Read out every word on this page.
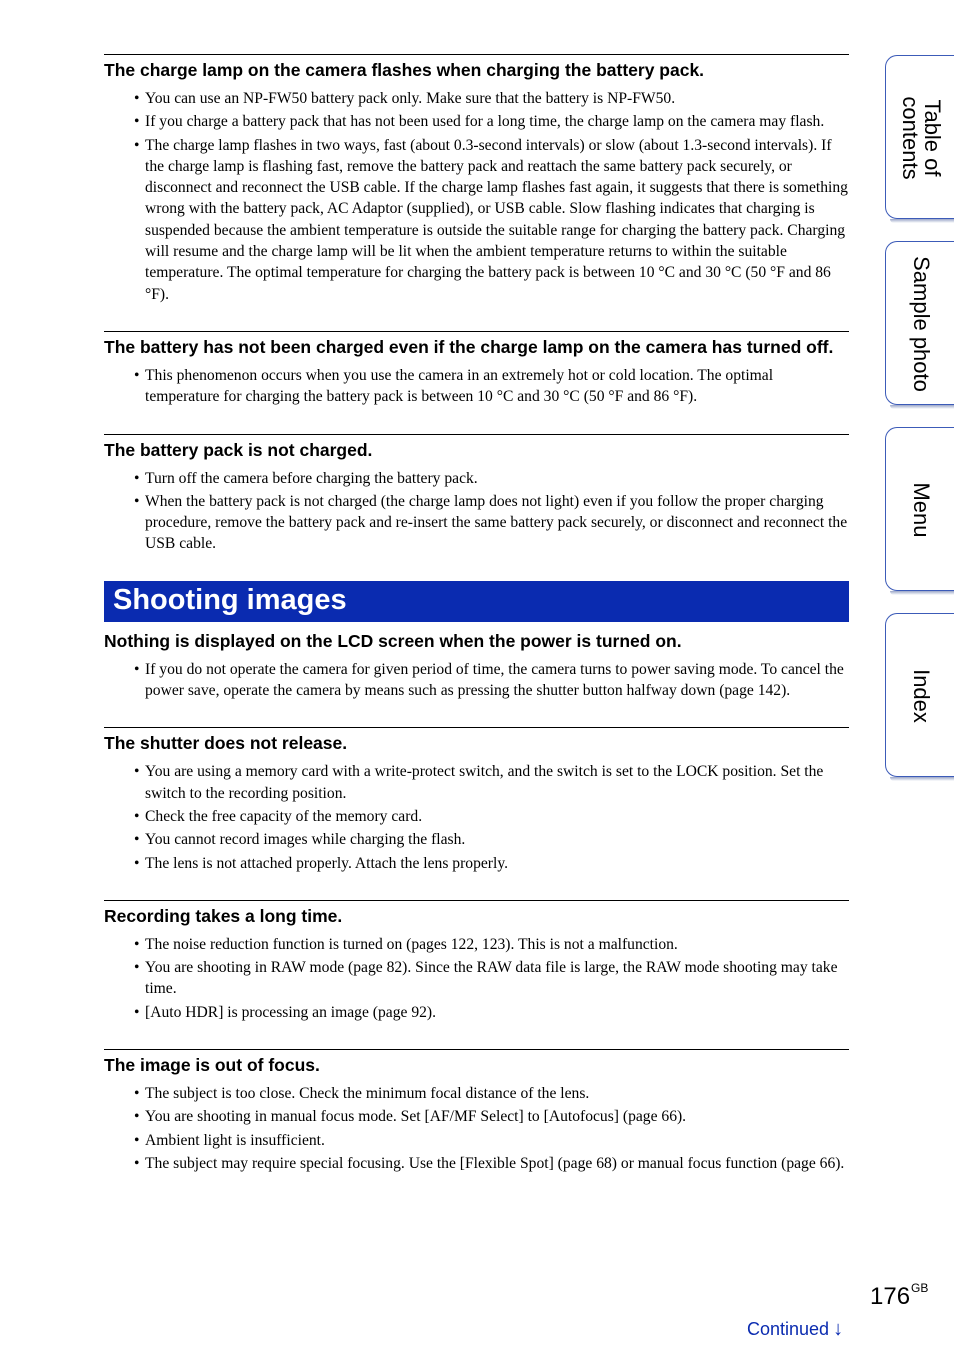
The charge lamp on the camera flashes when charging the battery pack.
• You can use an NP-FW50 battery pack only. Make sure that the battery is NP-FW50.
• If you charge a battery pack that has not been used for a long time, the charge lamp on the camera may flash.
• The charge lamp flashes in two ways, fast (about 0.3-second intervals) or slow (about 1.3-second intervals). If the charge lamp is flashing fast, remove the battery pack and reattach the same battery pack securely, or disconnect and reconnect the USB cable. If the charge lamp flashes fast again, it suggests that there is something wrong with the battery pack, AC Adaptor (supplied), or USB cable. Slow flashing indicates that charging is suspended because the ambient temperature is outside the suitable range for charging the battery pack. Charging will resume and the charge lamp will be lit when the ambient temperature returns to within the suitable temperature. The optimal temperature for charging the battery pack is between 10 °C and 30 °C (50 °F and 86 °F).
The battery has not been charged even if the charge lamp on the camera has turned off.
• This phenomenon occurs when you use the camera in an extremely hot or cold location. The optimal temperature for charging the battery pack is between 10 °C and 30 °C (50 °F and 86 °F).
The battery pack is not charged.
• Turn off the camera before charging the battery pack.
• When the battery pack is not charged (the charge lamp does not light) even if you follow the proper charging procedure, remove the battery pack and re-insert the same battery pack securely, or disconnect and reconnect the USB cable.
Shooting images
Nothing is displayed on the LCD screen when the power is turned on.
• If you do not operate the camera for given period of time, the camera turns to power saving mode. To cancel the power save, operate the camera by means such as pressing the shutter button halfway down (page 142).
The shutter does not release.
• You are using a memory card with a write-protect switch, and the switch is set to the LOCK position. Set the switch to the recording position.
• Check the free capacity of the memory card.
• You cannot record images while charging the flash.
• The lens is not attached properly. Attach the lens properly.
Recording takes a long time.
• The noise reduction function is turned on (pages 122, 123). This is not a malfunction.
• You are shooting in RAW mode (page 82). Since the RAW data file is large, the RAW mode shooting may take time.
• [Auto HDR] is processing an image (page 92).
The image is out of focus.
• The subject is too close. Check the minimum focal distance of the lens.
• You are shooting in manual focus mode. Set [AF/MF Select] to [Autofocus] (page 66).
• Ambient light is insufficient.
• The subject may require special focusing. Use the [Flexible Spot] (page 68) or manual focus function (page 66).
Table of
contents
Sample photo
Menu
Index
$176^{GB}$
Continued ↓
